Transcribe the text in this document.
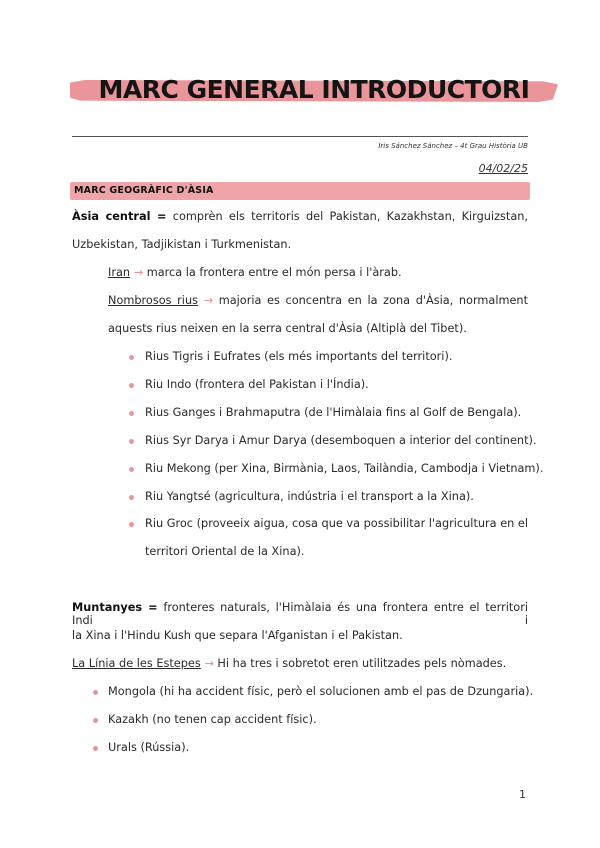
MARC GENERAL INTRODUCTORI
Iris Sánchez Sánchez – 4t Grau Història UB
04/02/25
MARC GEOGRÀFIC D'ÀSIA
Àsia central = comprèn els territoris del Pakistan, Kazakhstan, Kirguizstan,
Uzbekistan, Tadjikistan i Turkmenistan.
Iran → marca la frontera entre el món persa i l'àrab.
Nombrosos rius → majoria es concentra en la zona d'Àsia, normalment
aquests rius neixen en la serra central d'Àsia (Altiplà del Tibet).
Rius Tigris i Eufrates (els més importants del territori).
Riu Indo (frontera del Pakistan i l'Índia).
Rius Ganges i Brahmaputra (de l'Himàlaia fins al Golf de Bengala).
Rius Syr Darya i Amur Darya (desemboquen a interior del continent).
Riu Mekong (per Xina, Birmània, Laos, Tailàndia, Cambodja i Vietnam).
Riu Yangtsé (agricultura, indústria i el transport a la Xina).
Riu Groc (proveeix aigua, cosa que va possibilitar l'agricultura en el
territori Oriental de la Xina).
Muntanyes = fronteres naturals, l'Himàlaia és una frontera entre el territori Indi i
la Xina i l'Hindu Kush que separa l'Afganistan i el Pakistan.
La Línia de les Estepes → Hi ha tres i sobretot eren utilitzades pels nòmades.
Mongola (hi ha accident físic, però el solucionen amb el pas de Dzungaria).
Kazakh (no tenen cap accident físic).
Urals (Rússia).
1
